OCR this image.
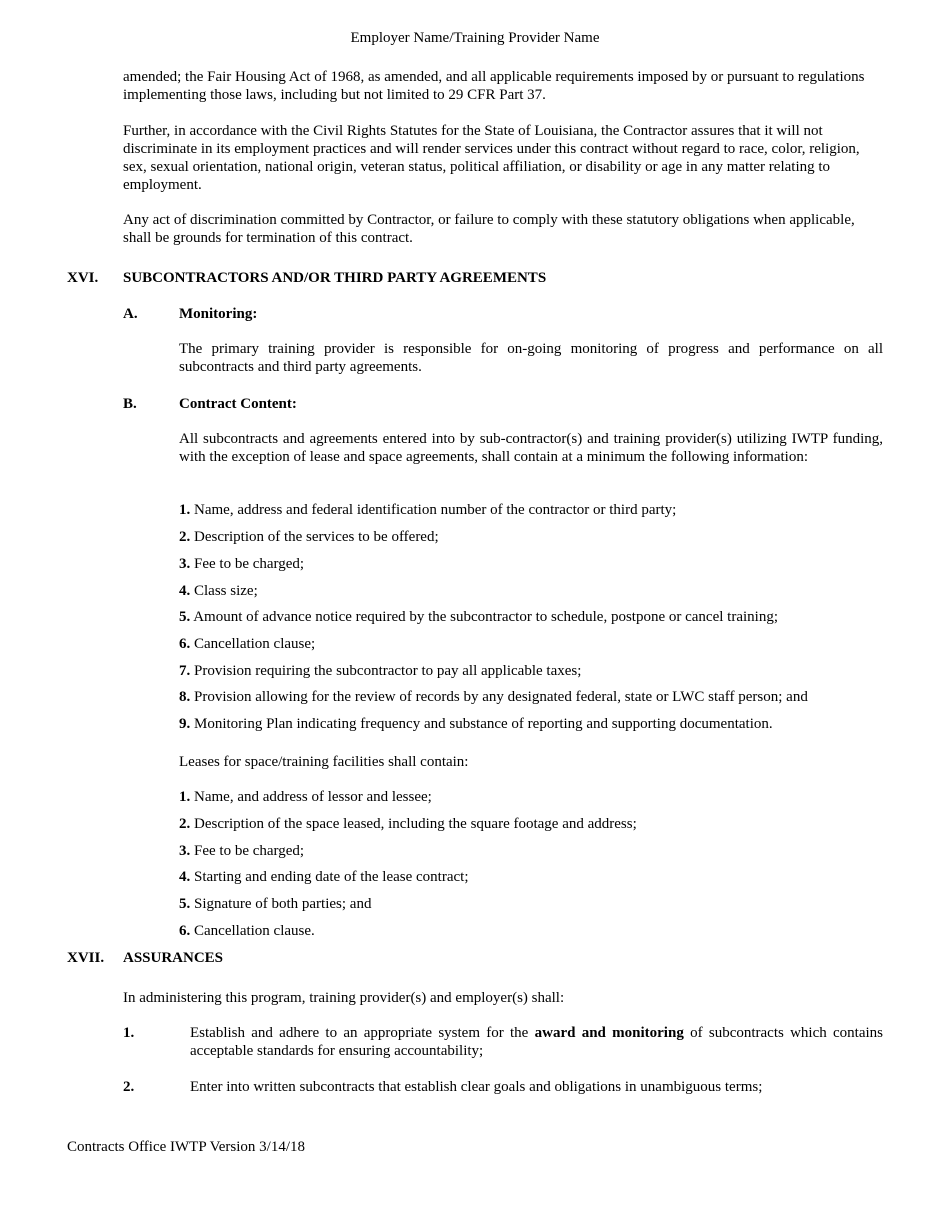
Employer Name/Training Provider Name

amended; the Fair Housing Act of 1968, as amended, and all applicable requirements imposed by or pursuant to regulations implementing those laws, including but not limited to 29 CFR Part 37.

Further, in accordance with the Civil Rights Statutes for the State of Louisiana, the Contractor assures that it will not discriminate in its employment practices and will render services under this contract without regard to race, color, religion, sex, sexual orientation, national origin, veteran status, political affiliation, or disability or age in any matter relating to employment.

Any act of discrimination committed by Contractor, or failure to comply with these statutory obligations when applicable, shall be grounds for termination of this contract.

XVI. SUBCONTRACTORS AND/OR THIRD PARTY AGREEMENTS
A.	Monitoring:

The primary training provider is responsible for on-going monitoring of progress and performance on all subcontracts and third party agreements.

B.	Contract Content:

All subcontracts and agreements entered into by sub-contractor(s) and training provider(s) utilizing IWTP funding, with the exception of lease and space agreements, shall contain at a minimum the following information:

1. Name, address and federal identification number of the contractor or third party;
2. Description of the services to be offered;
3. Fee to be charged;
4. Class size;
5. Amount of advance notice required by the subcontractor to schedule, postpone or cancel training;
6. Cancellation clause;
7. Provision requiring the subcontractor to pay all applicable taxes;
8. Provision allowing for the review of records by any designated federal, state or LWC staff person; and
9. Monitoring Plan indicating frequency and substance of reporting and supporting documentation.
Leases for space/training facilities shall contain:
1. Name, and address of lessor and lessee;
2. Description of the space leased, including the square footage and address;
3. Fee to be charged;
4. Starting and ending date of the lease contract;
5. Signature of both parties; and
6. Cancellation clause.
XVII. ASSURANCES
In administering this program, training provider(s) and employer(s) shall:
1.	Establish and adhere to an appropriate system for the award and monitoring of subcontracts which contains acceptable standards for ensuring accountability;

2.	Enter into written subcontracts that establish clear goals and obligations in unambiguous terms;

Contracts Office IWTP Version 3/14/18
